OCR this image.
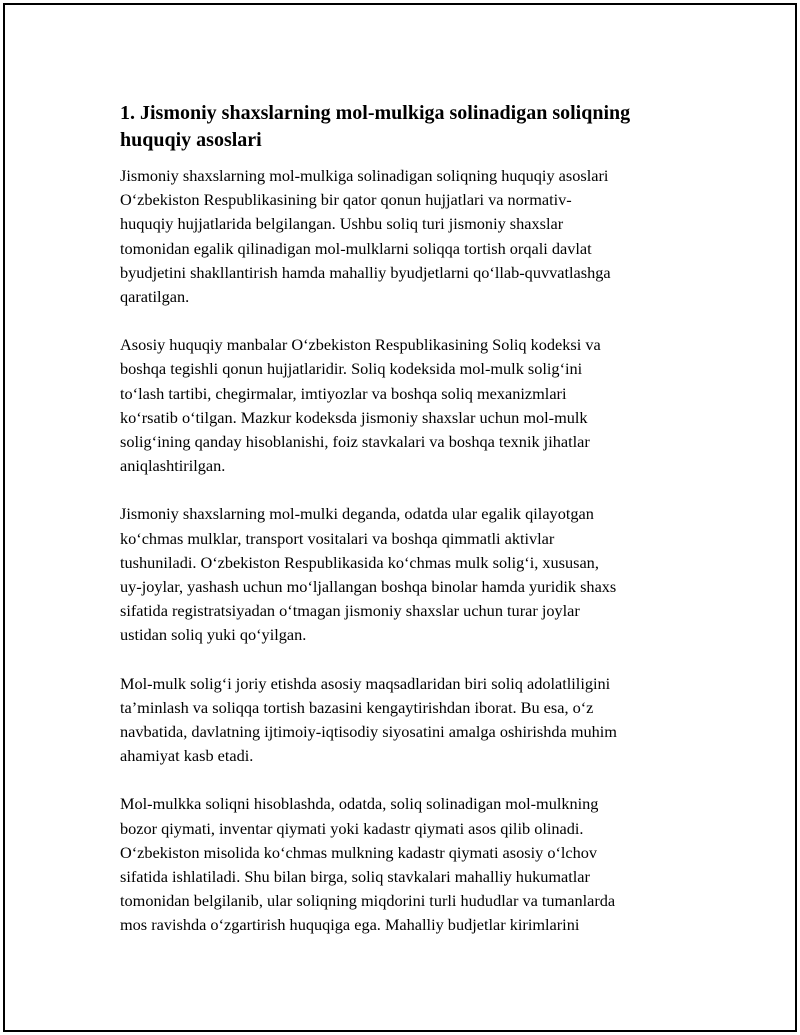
1. Jismoniy shaxslarning mol-mulkiga solinadigan soliqning
huquqiy asoslari

Jismoniy shaxslarning mol-mulkiga solinadigan soliqning huquqiy asoslari
O‘zbekiston Respublikasining bir qator qonun hujjatlari va normativ-
huquqiy hujjatlarida belgilangan. Ushbu soliq turi jismoniy shaxslar
tomonidan egalik qilinadigan mol-mulklarni soliqqa tortish orqali davlat
byudjetini shakllantirish hamda mahalliy byudjetlarni qo‘llab-quvvatlashga
qaratilgan.

Asosiy huquqiy manbalar O‘zbekiston Respublikasining Soliq kodeksi va
boshqa tegishli qonun hujjatlaridir. Soliq kodeksida mol-mulk solig‘ini
to‘lash tartibi, chegirmalar, imtiyozlar va boshqa soliq mexanizmlari
ko‘rsatib o‘tilgan. Mazkur kodeksda jismoniy shaxslar uchun mol-mulk
solig‘ining qanday hisoblanishi, foiz stavkalari va boshqa texnik jihatlar
aniqlashtirilgan.

Jismoniy shaxslarning mol-mulki deganda, odatda ular egalik qilayotgan
ko‘chmas mulklar, transport vositalari va boshqa qimmatli aktivlar
tushuniladi. O‘zbekiston Respublikasida ko‘chmas mulk solig‘i, xususan,
uy-joylar, yashash uchun mo‘ljallangan boshqa binolar hamda yuridik shaxs
sifatida registratsiyadan o‘tmagan jismoniy shaxslar uchun turar joylar
ustidan soliq yuki qo‘yilgan.

Mol-mulk solig‘i joriy etishda asosiy maqsadlaridan biri soliq adolatliligini
ta’minlash va soliqqa tortish bazasini kengaytirishdan iborat. Bu esa, o‘z
navbatida, davlatning ijtimoiy-iqtisodiy siyosatini amalga oshirishda muhim
ahamiyat kasb etadi.

Mol-mulkka soliqni hisoblashda, odatda, soliq solinadigan mol-mulkning
bozor qiymati, inventar qiymati yoki kadastr qiymati asos qilib olinadi.
O‘zbekiston misolida ko‘chmas mulkning kadastr qiymati asosiy o‘lchov
sifatida ishlatiladi. Shu bilan birga, soliq stavkalari mahalliy hukumatlar
tomonidan belgilanib, ular soliqning miqdorini turli hududlar va tumanlarda
mos ravishda o‘zgartirish huquqiga ega. Mahalliy budjetlar kirimlarini
